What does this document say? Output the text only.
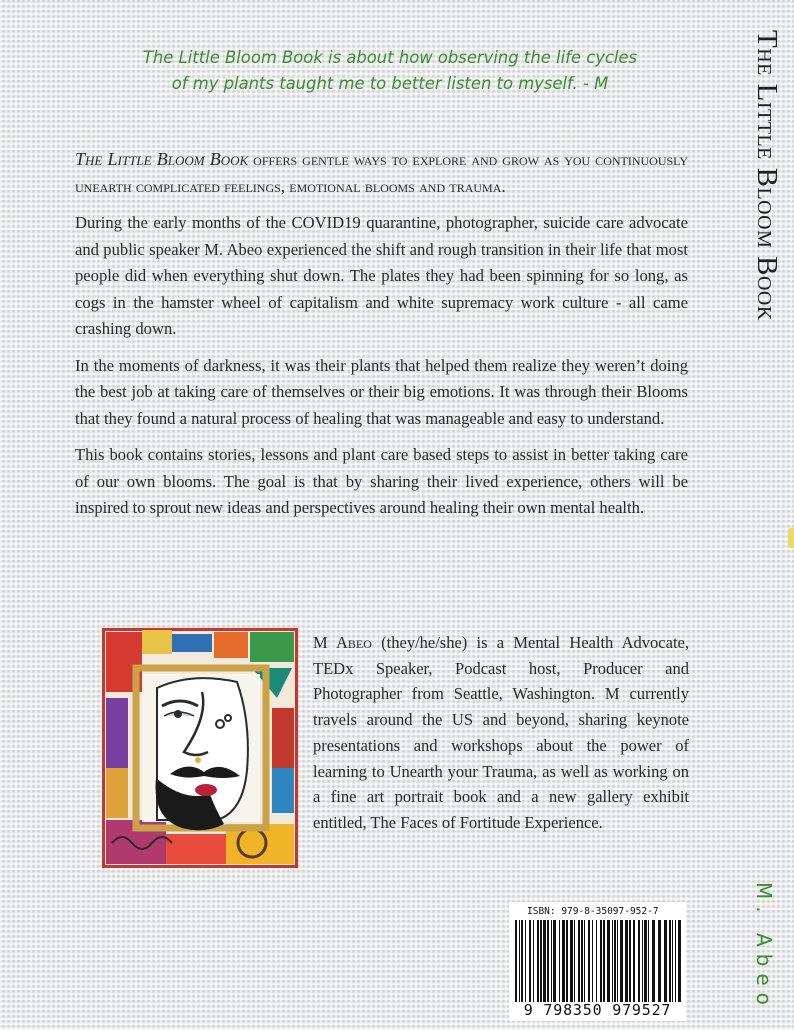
The Little Bloom Book is about how observing the life cycles
of my plants taught me to better listen to myself. - M

The Little Bloom Book offers gentle ways to explore and grow as you continuously unearth complicated feelings, emotional blooms and trauma.

During the early months of the COVID19 quarantine, photographer, suicide care advocate and public speaker M. Abeo experienced the shift and rough transition in their life that most people did when everything shut down. The plates they had been spinning for so long, as cogs in the hamster wheel of capitalism and white supremacy work culture - all came crashing down.

In the moments of darkness, it was their plants that helped them realize they weren’t doing the best job at taking care of themselves or their big emotions. It was through their Blooms that they found a natural process of healing that was manageable and easy to understand.

This book contains stories, lessons and plant care based steps to assist in better taking care of our own blooms. The goal is that by sharing their lived experience, others will be inspired to sprout new ideas and perspectives around healing their own mental health.

The Little Bloom Book
M. Abeo

M Abeo (they/he/she) is a Mental Health Advocate, TEDx Speaker, Podcast host, Producer and Photographer from Seattle, Washington. M currently travels around the US and beyond, sharing keynote presentations and workshops about the power of learning to Unearth your Trauma, as well as working on a fine art portrait book and a new gallery exhibit entitled, The Faces of Fortitude Experience.

ISBN: 979-8-35097-952-7
9 798350 979527
